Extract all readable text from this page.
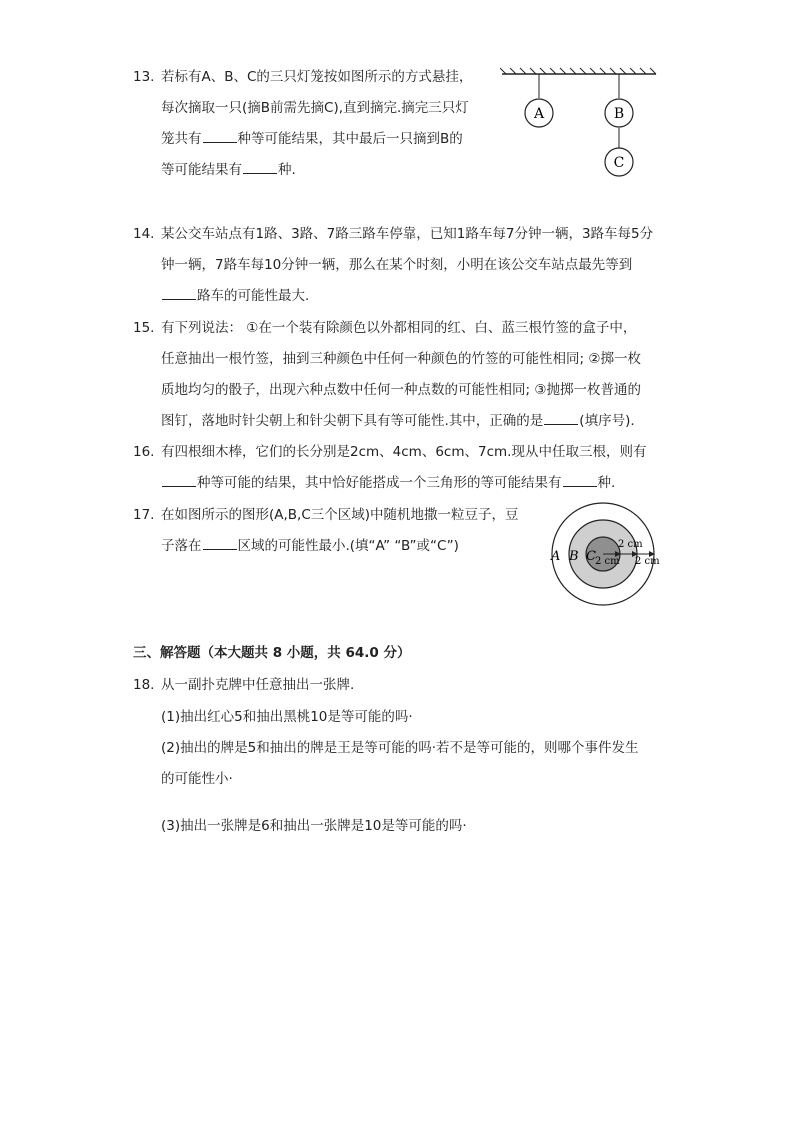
13. 若标有A、B、C的三只灯笼按如图所示的方式悬挂，
每次摘取一只(摘B前需先摘C),直到摘完.摘完三只灯
笼共有	种等可能结果，其中最后一只摘到B的
等可能结果有	种.
A	B
C
14. 某公交车站点有1路、3路、7路三路车停靠，已知1路车每7分钟一辆，3路车每5分
钟一辆，7路车每10分钟一辆，那么在某个时刻，小明在该公交车站点最先等到
路车的可能性最大.
15. 有下列说法： ①在一个装有除颜色以外都相同的红、白、蓝三根竹签的盒子中，
任意抽出一根竹签，抽到三种颜色中任何一种颜色的竹签的可能性相同; ②掷一枚
质地均匀的骰子，出现六种点数中任何一种点数的可能性相同; ③抛掷一枚普通的
图钉，落地时针尖朝上和针尖朝下具有等可能性.其中，正确的是	(填序号).
16. 有四根细木棒，它们的长分别是2cm、4cm、6cm、7cm.现从中任取三根，则有
种等可能的结果，其中恰好能搭成一个三角形的等可能结果有	种.
17. 在如图所示的图形(A,B,C三个区域)中随机地撒一粒豆子，豆
子落在	区域的可能性最小.(填“A” “B”或“C”)
A B C 2 cm
2 cm
2 cm
三、解答题（本大题共 8 小题，共 64.0 分）
18. 从一副扑克牌中任意抽出一张牌.
(1)抽出红心5和抽出黑桃10是等可能的吗·
(2)抽出的牌是5和抽出的牌是王是等可能的吗·若不是等可能的，则哪个事件发生
的可能性小·
(3)抽出一张牌是6和抽出一张牌是10是等可能的吗·
